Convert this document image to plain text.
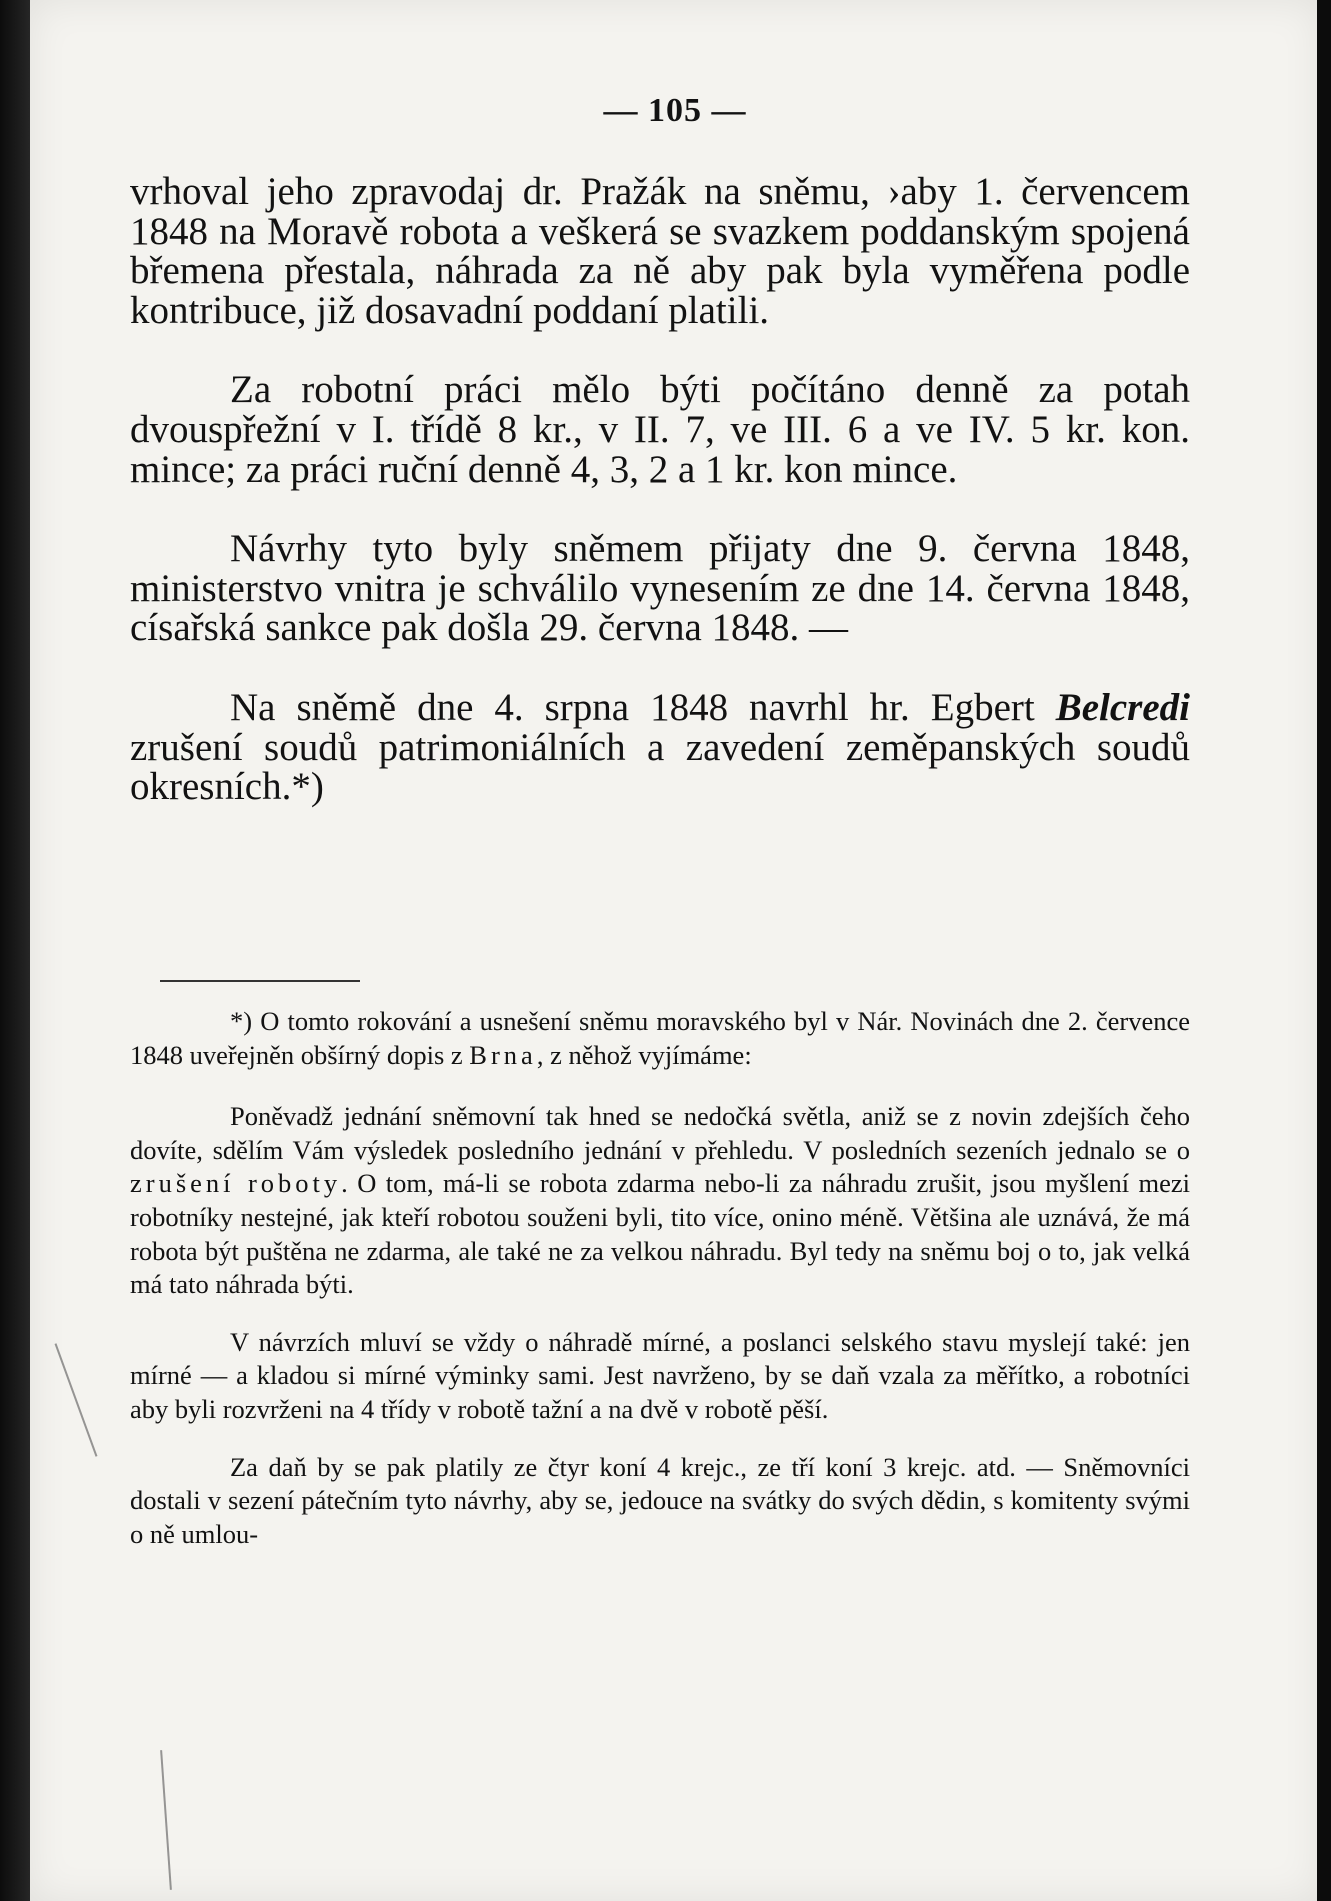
— 105 —

vrhoval jeho zpravodaj dr. Pražák na sněmu, ›aby 1. červencem 1848 na Moravě robota a veškerá se svazkem poddanským spojená břemena přestala, náhrada za ně aby pak byla vyměřena podle kontribuce, již dosavadní poddaní platili.

Za robotní práci mělo býti počítáno denně za potah dvouspřežní v I. třídě 8 kr., v II. 7, ve III. 6 a ve IV. 5 kr. kon. mince; za práci ruční denně 4, 3, 2 a 1 kr. kon mince.

Návrhy tyto byly sněmem přijaty dne 9. června 1848, ministerstvo vnitra je schválilo vynesením ze dne 14. června 1848, císařská sankce pak došla 29. června 1848. —

Na sněmě dne 4. srpna 1848 navrhl hr. Egbert Belcredi zrušení soudů patrimoniálních a zavedení zeměpanských soudů okresních.*)

*) O tomto rokování a usnešení sněmu moravského byl v Nár. Novinách dne 2. července 1848 uveřejněn obšírný dopis z Brna, z něhož vyjímáme:

Poněvadž jednání sněmovní tak hned se nedočká světla, aniž se z novin zdejších čeho dovíte, sdělím Vám výsledek posledního jednání v přehledu. V posledních sezeních jednalo se o zrušení roboty. O tom, má-li se robota zdarma nebo-li za náhradu zrušit, jsou myšlení mezi robotníky nestejné, jak kteří robotou souženi byli, tito více, onino méně. Většina ale uznává, že má robota být puštěna ne zdarma, ale také ne za velkou náhradu. Byl tedy na sněmu boj o to, jak velká má tato náhrada býti.

V návrzích mluví se vždy o náhradě mírné, a poslanci selského stavu myslejí také: jen mírné — a kladou si mírné výminky sami. Jest navrženo, by se daň vzala za měřítko, a robotníci aby byli rozvrženi na 4 třídy v robotě tažní a na dvě v robotě pěší.

Za daň by se pak platily ze čtyr koní 4 krejc., ze tří koní 3 krejc. atd. — Sněmovníci dostali v sezení pátečním tyto návrhy, aby se, jedouce na svátky do svých dědin, s komitenty svými o ně umlou-
